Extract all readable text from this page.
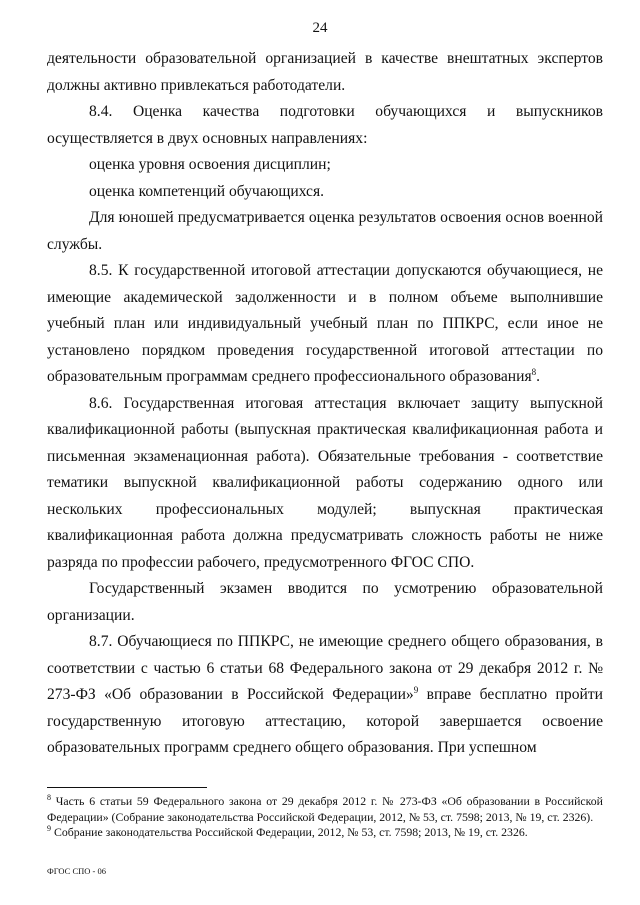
24

деятельности образовательной организацией в качестве внештатных экспертов должны активно привлекаться работодатели.

8.4. Оценка качества подготовки обучающихся и выпускников осуществляется в двух основных направлениях:

оценка уровня освоения дисциплин;

оценка компетенций обучающихся.

Для юношей предусматривается оценка результатов освоения основ военной службы.

8.5. К государственной итоговой аттестации допускаются обучающиеся, не имеющие академической задолженности и в полном объеме выполнившие учебный план или индивидуальный учебный план по ППКРС, если иное не установлено порядком проведения государственной итоговой аттестации по образовательным программам среднего профессионального образования$^8$.

8.6. Государственная итоговая аттестация включает защиту выпускной квалификационной работы (выпускная практическая квалификационная работа и письменная экзаменационная работа). Обязательные требования - соответствие тематики выпускной квалификационной работы содержанию одного или нескольких профессиональных модулей; выпускная практическая квалификационная работа должна предусматривать сложность работы не ниже разряда по профессии рабочего, предусмотренного ФГОС СПО.

Государственный экзамен вводится по усмотрению образовательной организации.

8.7. Обучающиеся по ППКРС, не имеющие среднего общего образования, в соответствии с частью 6 статьи 68 Федерального закона от 29 декабря 2012 г. № 273-ФЗ «Об образовании в Российской Федерации»$^9$ вправе бесплатно пройти государственную итоговую аттестацию, которой завершается освоение образовательных программ среднего общего образования. При успешном

$^8$ Часть 6 статьи 59 Федерального закона от 29 декабря 2012 г. № 273-ФЗ «Об образовании в Российской Федерации» (Собрание законодательства Российской Федерации, 2012, № 53, ст. 7598; 2013, № 19, ст. 2326).

$^9$ Собрание законодательства Российской Федерации, 2012, № 53, ст. 7598; 2013, № 19, ст. 2326.

ФГОС СПО - 06
